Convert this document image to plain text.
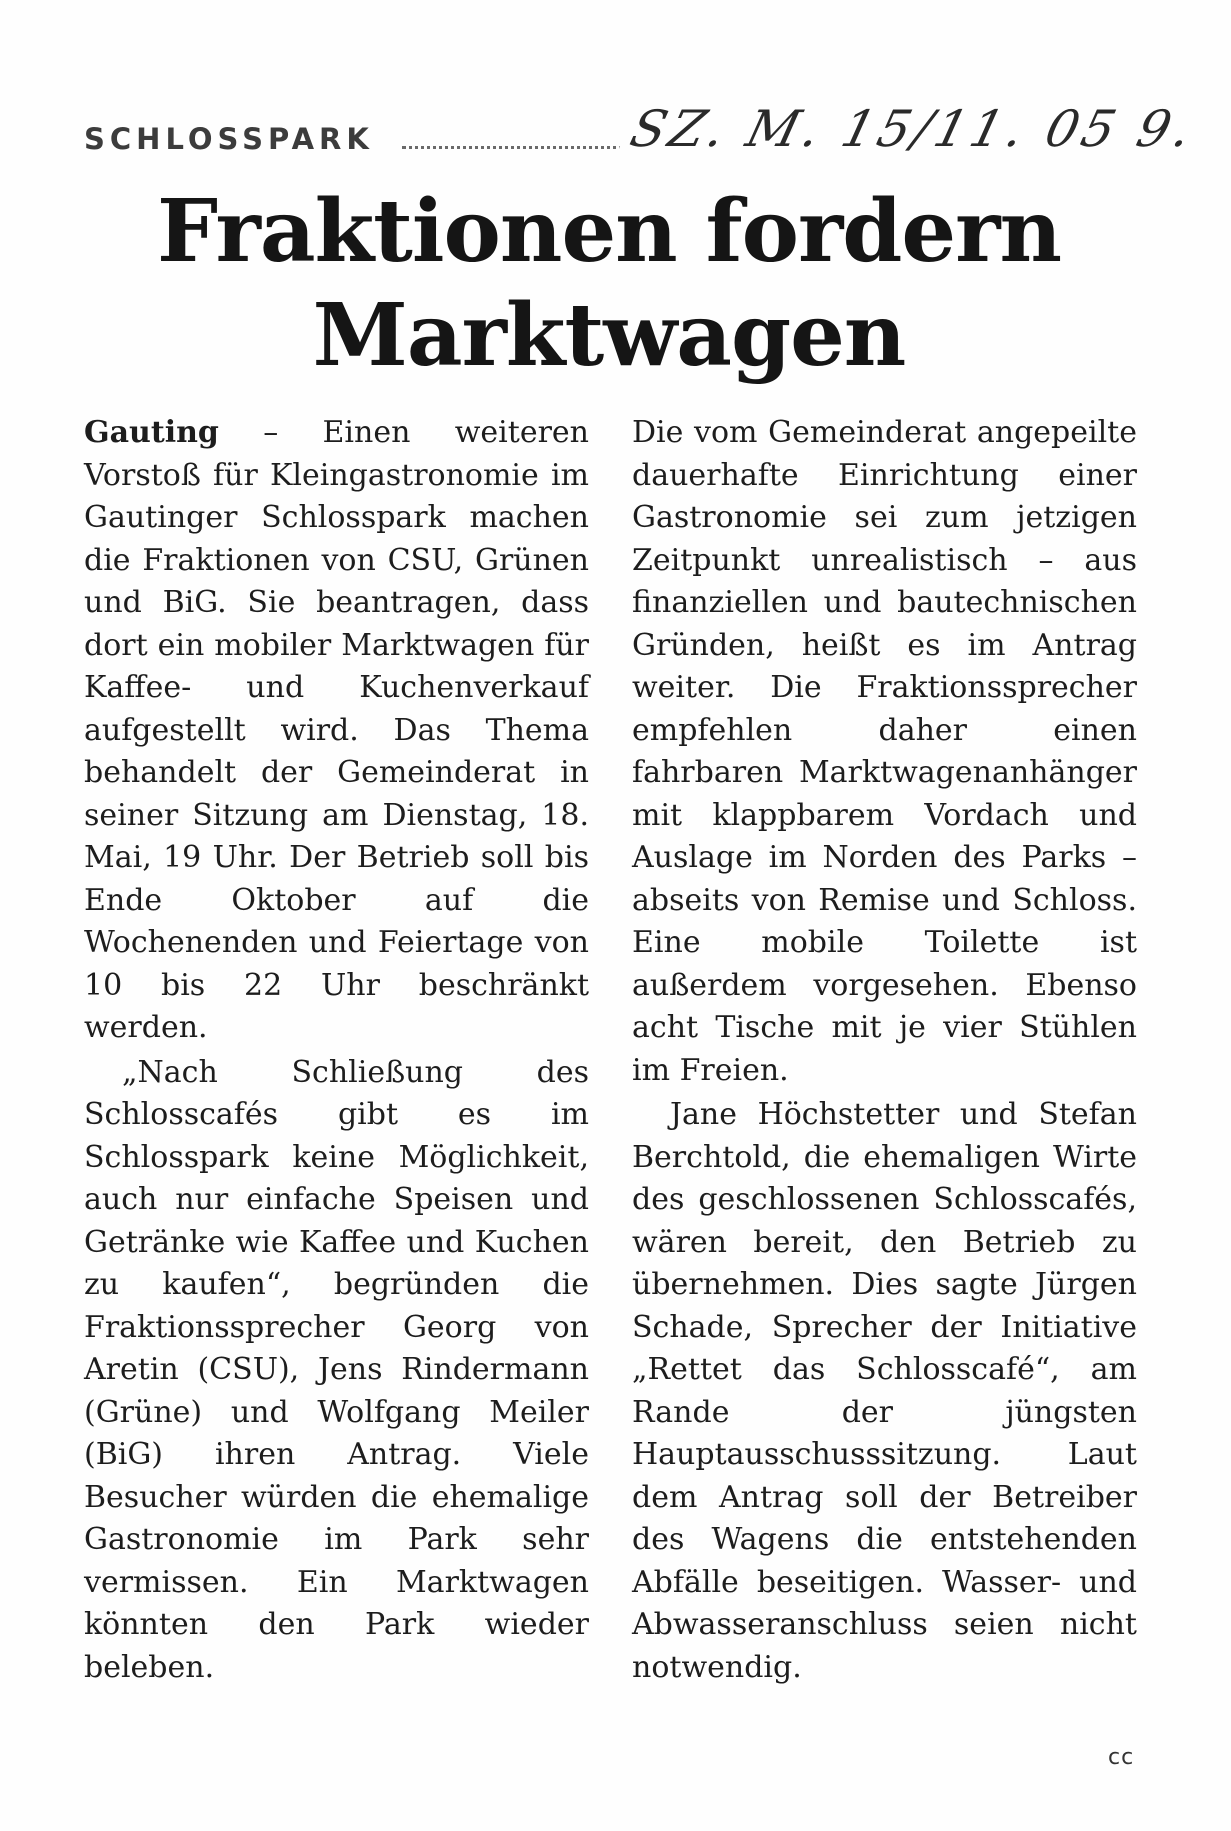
SCHLOSSPARK	SZ. M. 15/11. 05 9.
Fraktionen fordern
Marktwagen

Gauting – Einen weiteren Vorstoß für Kleingastronomie im Gautinger Schlosspark machen die Fraktionen von CSU, Grünen und BiG. Sie beantragen, dass dort ein mobiler Marktwagen für Kaffee- und Kuchenverkauf aufgestellt wird. Das Thema behandelt der Gemeinderat in seiner Sitzung am Dienstag, 18. Mai, 19 Uhr. Der Betrieb soll bis Ende Oktober auf die Wochenenden und Feiertage von 10 bis 22 Uhr beschränkt werden.

„Nach Schließung des Schlosscafés gibt es im Schlosspark keine Möglichkeit, auch nur einfache Speisen und Getränke wie Kaffee und Kuchen zu kaufen“, begründen die Fraktionssprecher Georg von Aretin (CSU), Jens Rindermann (Grüne) und Wolfgang Meiler (BiG) ihren Antrag. Viele Besucher würden die ehemalige Gastronomie im Park sehr vermissen. Ein Marktwagen könnten den Park wieder beleben.

Die vom Gemeinderat angepeilte dauerhafte Einrichtung einer Gastronomie sei zum jetzigen Zeitpunkt unrealistisch – aus finanziellen und bautechnischen Gründen, heißt es im Antrag weiter. Die Fraktionssprecher empfehlen daher einen fahrbaren Marktwagenanhänger mit klappbarem Vordach und Auslage im Norden des Parks – abseits von Remise und Schloss. Eine mobile Toilette ist außerdem vorgesehen. Ebenso acht Tische mit je vier Stühlen im Freien.

Jane Höchstetter und Stefan Berchtold, die ehemaligen Wirte des geschlossenen Schlosscafés, wären bereit, den Betrieb zu übernehmen. Dies sagte Jürgen Schade, Sprecher der Initiative „Rettet das Schlosscafé“, am Rande der jüngsten Hauptausschusssitzung. Laut dem Antrag soll der Betreiber des Wagens die entstehenden Abfälle beseitigen. Wasser- und Abwasseranschluss seien nicht notwendig.

cc
